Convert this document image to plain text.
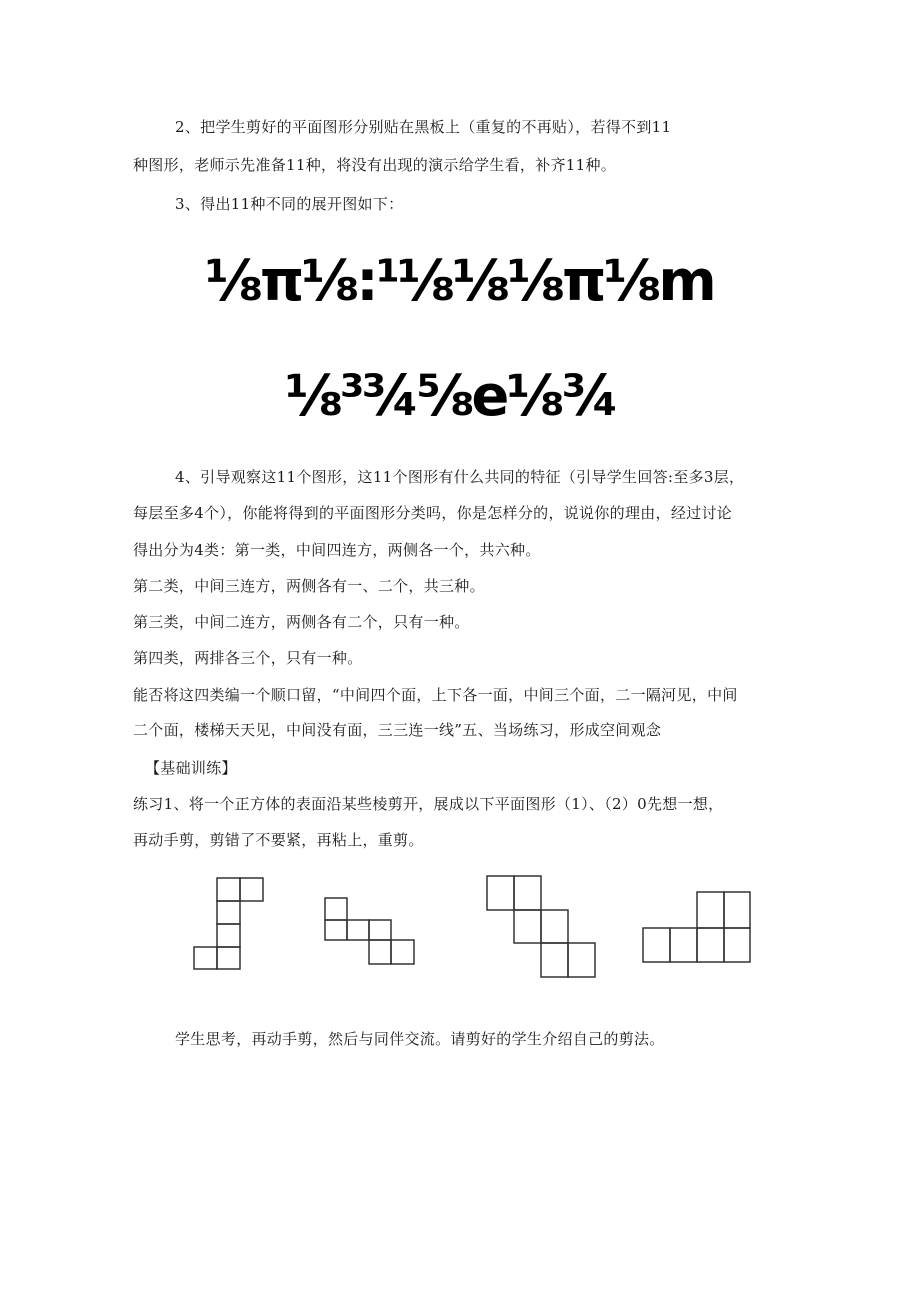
2、把学生剪好的平面图形分别贴在黑板上（重复的不再贴），若得不到11
种图形，老师示先准备11种，将没有出现的演示给学生看，补齐11种。
3、得出11种不同的展开图如下：
⅛π⅛:¹⅛⅛⅛π⅛m
⅛³¾⅝e⅛¾
4、引导观察这11个图形，这11个图形有什么共同的特征（引导学生回答:至多3层，
每层至多4个），你能将得到的平面图形分类吗，你是怎样分的，说说你的理由，经过讨论
得出分为4类：第一类，中间四连方，两侧各一个，共六种。
第二类，中间三连方，两侧各有一、二个，共三种。
第三类，中间二连方，两侧各有二个，只有一种。
第四类，两排各三个，只有一种。
能否将这四类编一个顺口留，“中间四个面，上下各一面，中间三个面，二一隔河见，中间
二个面，楼梯天天见，中间没有面，三三连一线”五、当场练习，形成空间观念
【基础训练】
练习1、将一个正方体的表面沿某些棱剪开，展成以下平面图形（1）、（2）0先想一想，
再动手剪，剪错了不要紧，再粘上，重剪。
学生思考，再动手剪，然后与同伴交流。请剪好的学生介绍自己的剪法。
